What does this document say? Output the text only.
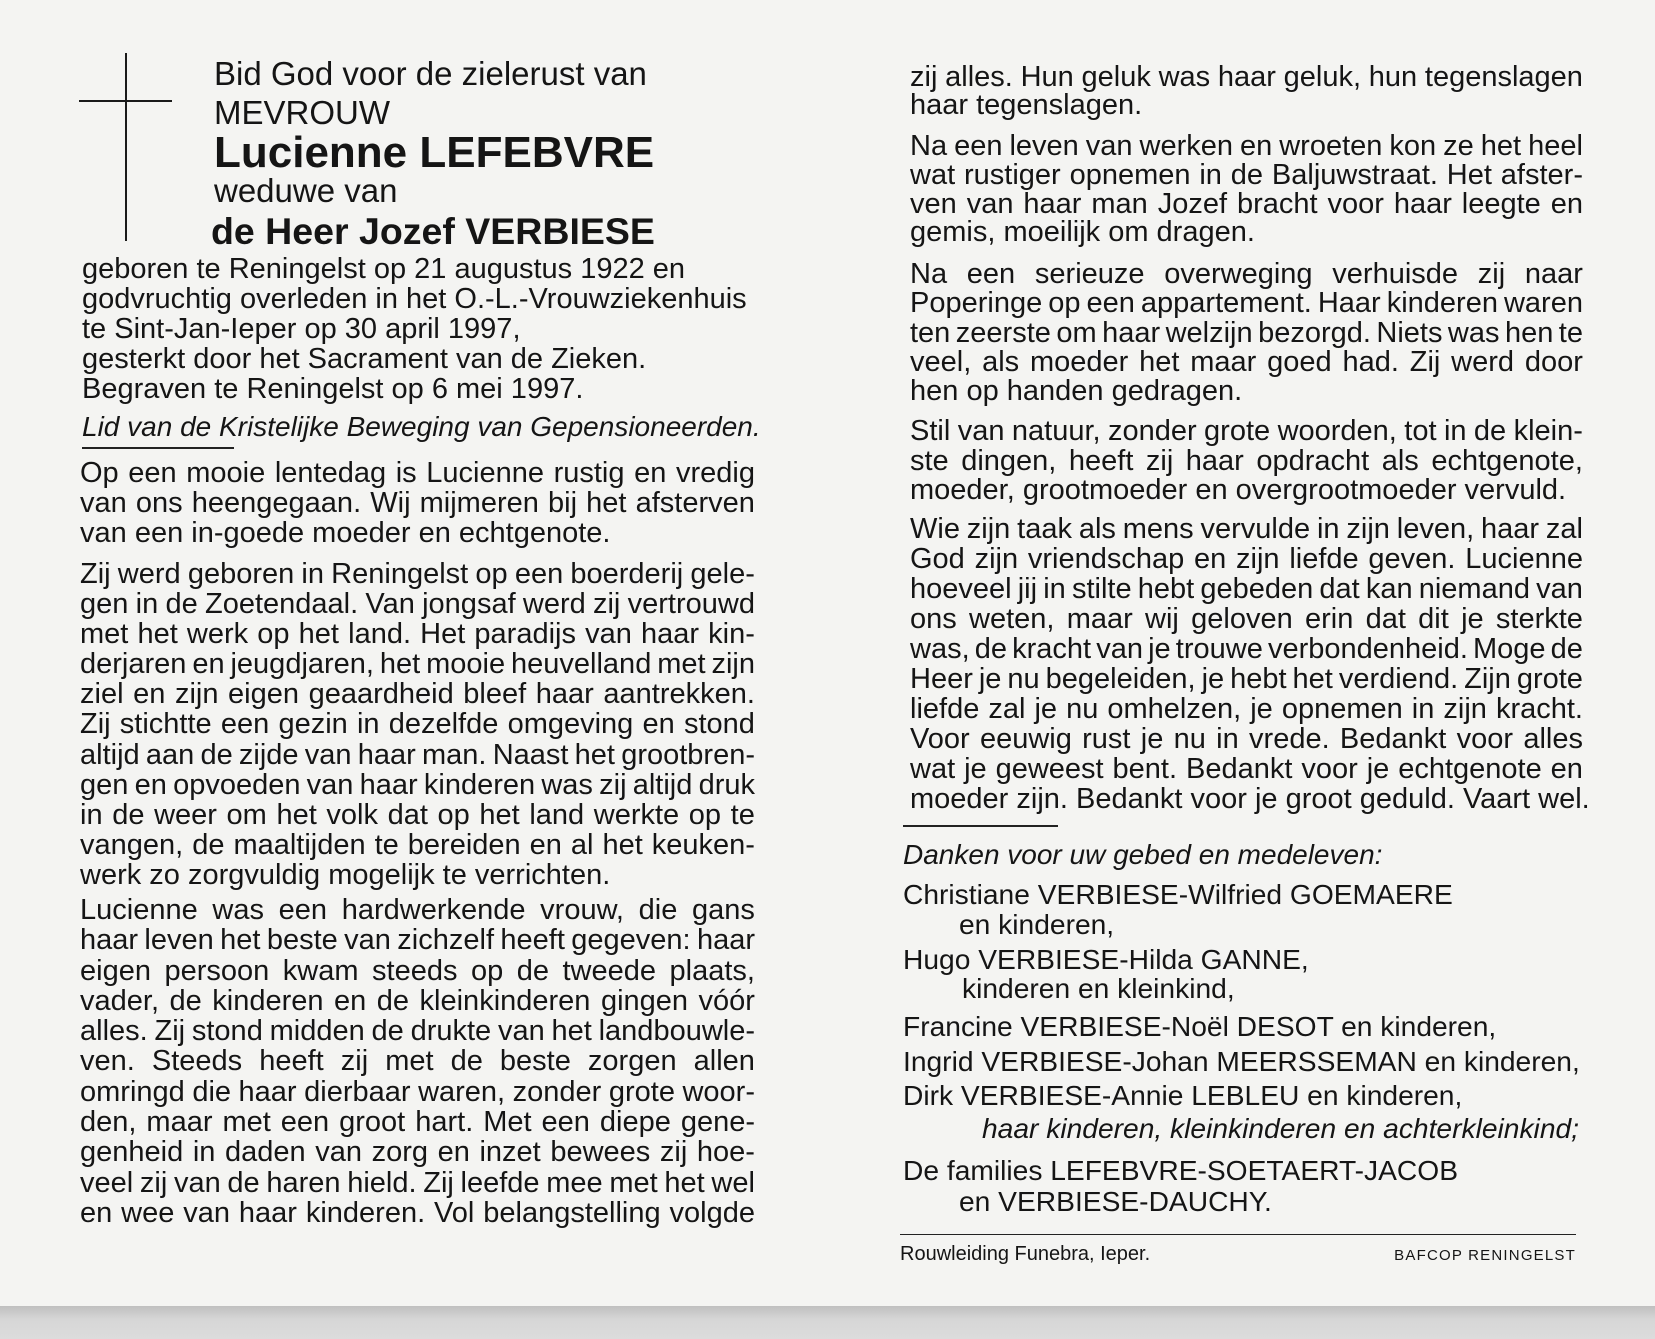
Bid God voor de zielerust van
MEVROUW
Lucienne LEFEBVRE
weduwe van
de Heer Jozef VERBIESE
geboren te Reningelst op 21 augustus 1922 en
godvruchtig overleden in het O.-L.-Vrouwziekenhuis
te Sint-Jan-Ieper op 30 april 1997,
gesterkt door het Sacrament van de Zieken.
Begraven te Reningelst op 6 mei 1997.
Lid van de Kristelijke Beweging van Gepensioneerden.
Op een mooie lentedag is Lucienne rustig en vredig
van ons heengegaan. Wij mijmeren bij het afsterven
van een in-goede moeder en echtgenote.
Zij werd geboren in Reningelst op een boerderij gele-
gen in de Zoetendaal. Van jongsaf werd zij vertrouwd
met het werk op het land. Het paradijs van haar kin-
derjaren en jeugdjaren, het mooie heuvelland met zijn
ziel en zijn eigen geaardheid bleef haar aantrekken.
Zij stichtte een gezin in dezelfde omgeving en stond
altijd aan de zijde van haar man. Naast het grootbren-
gen en opvoeden van haar kinderen was zij altijd druk
in de weer om het volk dat op het land werkte op te
vangen, de maaltijden te bereiden en al het keuken-
werk zo zorgvuldig mogelijk te verrichten.
Lucienne was een hardwerkende vrouw, die gans
haar leven het beste van zichzelf heeft gegeven: haar
eigen persoon kwam steeds op de tweede plaats,
vader, de kinderen en de kleinkinderen gingen vóór
alles. Zij stond midden de drukte van het landbouwle-
ven. Steeds heeft zij met de beste zorgen allen
omringd die haar dierbaar waren, zonder grote woor-
den, maar met een groot hart. Met een diepe gene-
genheid in daden van zorg en inzet bewees zij hoe-
veel zij van de haren hield. Zij leefde mee met het wel
en wee van haar kinderen. Vol belangstelling volgde
zij alles. Hun geluk was haar geluk, hun tegenslagen
haar tegenslagen.
Na een leven van werken en wroeten kon ze het heel
wat rustiger opnemen in de Baljuwstraat. Het afster-
ven van haar man Jozef bracht voor haar leegte en
gemis, moeilijk om dragen.
Na een serieuze overweging verhuisde zij naar
Poperinge op een appartement. Haar kinderen waren
ten zeerste om haar welzijn bezorgd. Niets was hen te
veel, als moeder het maar goed had. Zij werd door
hen op handen gedragen.
Stil van natuur, zonder grote woorden, tot in de klein-
ste dingen, heeft zij haar opdracht als echtgenote,
moeder, grootmoeder en overgrootmoeder vervuld.
Wie zijn taak als mens vervulde in zijn leven, haar zal
God zijn vriendschap en zijn liefde geven. Lucienne
hoeveel jij in stilte hebt gebeden dat kan niemand van
ons weten, maar wij geloven erin dat dit je sterkte
was, de kracht van je trouwe verbondenheid. Moge de
Heer je nu begeleiden, je hebt het verdiend. Zijn grote
liefde zal je nu omhelzen, je opnemen in zijn kracht.
Voor eeuwig rust je nu in vrede. Bedankt voor alles
wat je geweest bent. Bedankt voor je echtgenote en
moeder zijn. Bedankt voor je groot geduld. Vaart wel.
Danken voor uw gebed en medeleven:
Christiane VERBIESE-Wilfried GOEMAERE
en kinderen,
Hugo VERBIESE-Hilda GANNE,
kinderen en kleinkind,
Francine VERBIESE-Noël DESOT en kinderen,
Ingrid VERBIESE-Johan MEERSSEMAN en kinderen,
Dirk VERBIESE-Annie LEBLEU en kinderen,
haar kinderen, kleinkinderen en achterkleinkind;
De families LEFEBVRE-SOETAERT-JACOB
en VERBIESE-DAUCHY.
Rouwleiding Funebra, Ieper.	BAFCOP RENINGELST
